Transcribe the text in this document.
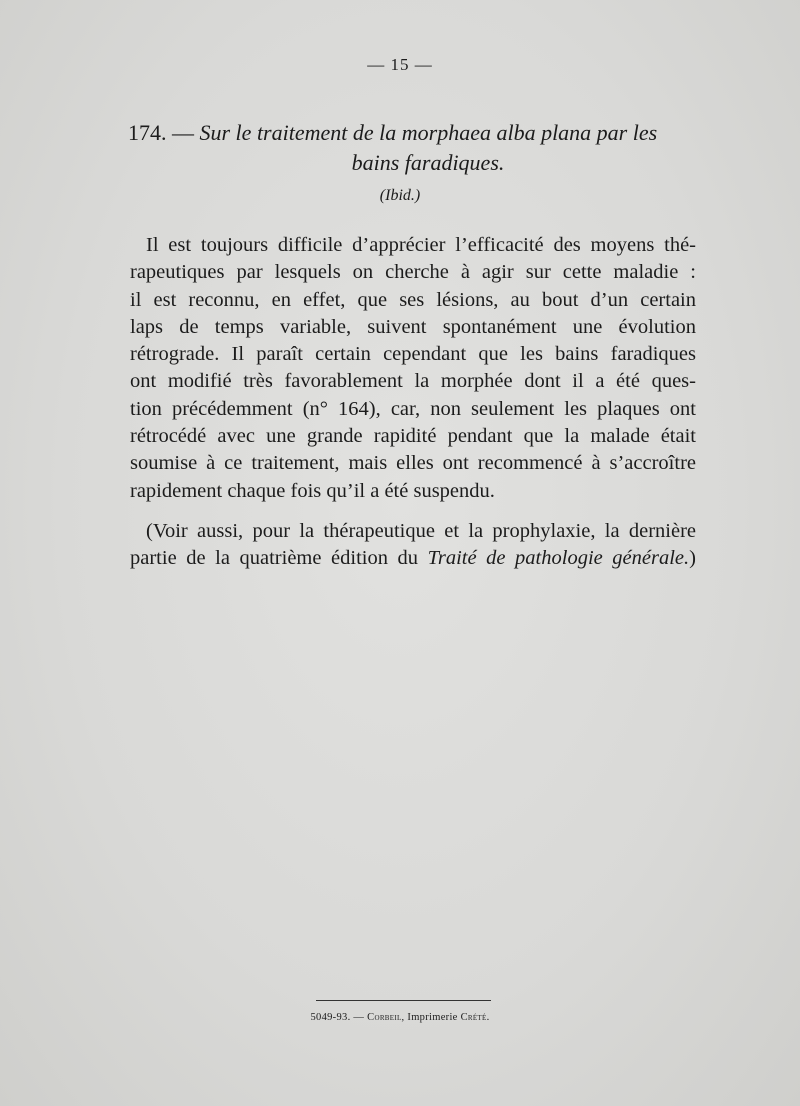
— 15 —
174. — Sur le traitement de la morphaea alba plana par les
bains faradiques.
(Ibid.)
Il est toujours difficile d’apprécier l’efficacité des moyens thé-
rapeutiques par lesquels on cherche à agir sur cette maladie :
il est reconnu, en effet, que ses lésions, au bout d’un certain
laps de temps variable, suivent spontanément une évolution
rétrograde. Il paraît certain cependant que les bains faradiques
ont modifié très favorablement la morphée dont il a été ques-
tion précédemment (n° 164), car, non seulement les plaques ont
rétrocédé avec une grande rapidité pendant que la malade était
soumise à ce traitement, mais elles ont recommencé à s’accroître
rapidement chaque fois qu’il a été suspendu.
(Voir aussi, pour la thérapeutique et la prophylaxie, la dernière
partie de la quatrième édition du Traité de pathologie générale.)
5049-93. — Corbeil, Imprimerie Crété.
